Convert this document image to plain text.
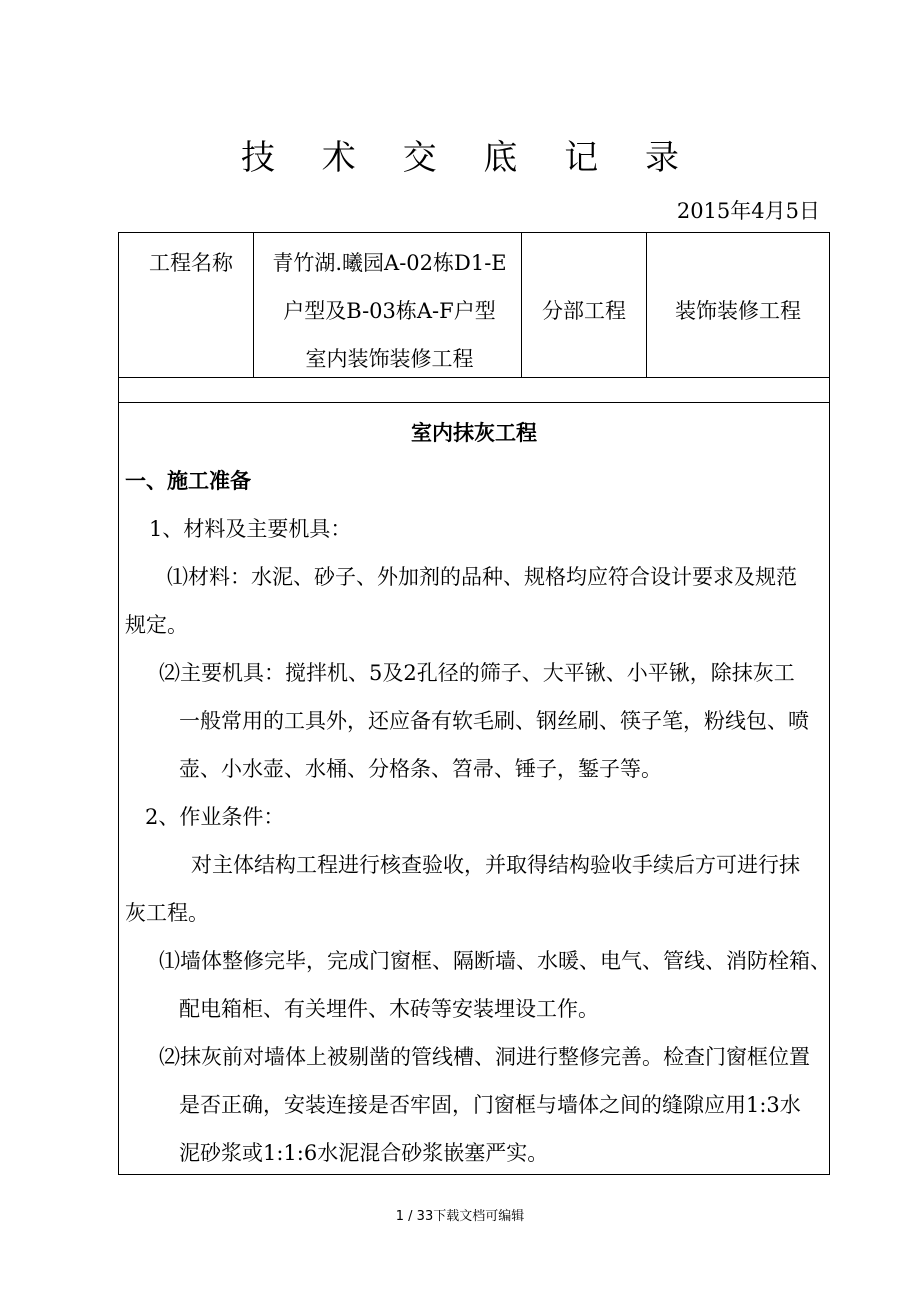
技 术 交 底 记 录
2015年4月5日
工程名称	青竹湖.曦园A-02栋D1-E
户型及B-03栋A-F户型
室内装饰装修工程
分部工程	装饰装修工程
室内抹灰工程
一、施工准备
1、材料及主要机具：
⑴材料：水泥、砂子、外加剂的品种、规格均应符合设计要求及规范
规定。
⑵主要机具：搅拌机、5及2孔径的筛子、大平锹、小平锹，除抹灰工
一般常用的工具外，还应备有软毛刷、钢丝刷、筷子笔，粉线包、喷
壶、小水壶、水桶、分格条、笤帚、锤子，錾子等。
2、作业条件：
对主体结构工程进行核查验收，并取得结构验收手续后方可进行抹
灰工程。
⑴墙体整修完毕，完成门窗框、隔断墙、水暖、电气、管线、消防栓箱、
配电箱柜、有关埋件、木砖等安装埋设工作。
⑵抹灰前对墙体上被剔凿的管线槽、洞进行整修完善。检查门窗框位置
是否正确，安装连接是否牢固，门窗框与墙体之间的缝隙应用1:3水
泥砂浆或1:1:6水泥混合砂浆嵌塞严实。
1 / 33下载文档可编辑
